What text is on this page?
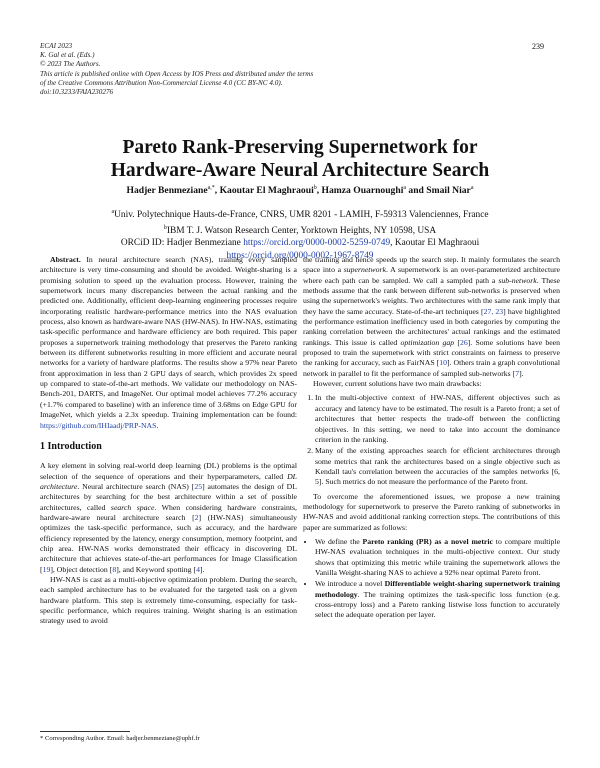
ECAI 2023
K. Gal et al. (Eds.)
© 2023 The Authors.
This article is published online with Open Access by IOS Press and distributed under the terms
of the Creative Commons Attribution Non-Commercial License 4.0 (CC BY-NC 4.0).
doi:10.3233/FAIA230276
239
Pareto Rank-Preserving Supernetwork for
Hardware-Aware Neural Architecture Search
Hadjer Benmeziane$^{a,*}$, Kaoutar El Maghraoui$^b$, Hamza Ouarnoughi$^a$ and Smail Niar$^a$
$^a$Univ. Polytechnique Hauts-de-France, CNRS, UMR 8201 - LAMIH, F-59313 Valenciennes, France
$^b$IBM T. J. Watson Research Center, Yorktown Heights, NY 10598, USA
ORCiD ID: Hadjer Benmeziane https://orcid.org/0000-0002-5259-0749, Kaoutar El Maghraoui https://orcid.org/0000-0002-1967-8749

Abstract. In neural architecture search (NAS), training every sampled architecture is very time-consuming and should be avoided. Weight-sharing is a promising solution to speed up the evaluation process. However, training the supernetwork incurs many discrepancies between the actual ranking and the predicted one. Additionally, efficient deep-learning engineering processes require incorporating realistic hardware-performance metrics into the NAS evaluation process, also known as hardware-aware NAS (HW-NAS). In HW-NAS, estimating task-specific performance and hardware efficiency are both required. This paper proposes a supernetwork training methodology that preserves the Pareto ranking between its different subnetworks resulting in more efficient and accurate neural networks for a variety of hardware platforms. The results show a 97% near Pareto front approximation in less than 2 GPU days of search, which provides 2x speed up compared to state-of-the-art methods. We validate our methodology on NAS-Bench-201, DARTS, and ImageNet. Our optimal model achieves 77.2% accuracy (+1.7% compared to baseline) with an inference time of 3.68ms on Edge GPU for ImageNet, which yields a 2.3x speedup. Training implementation can be found: https://github.com/IHIaadj/PRP-NAS.

1 Introduction

A key element in solving real-world deep learning (DL) problems is the optimal selection of the sequence of operations and their hyperparameters, called DL architecture. Neural architecture search (NAS) [25] automates the design of DL architectures by searching for the best architecture within a set of possible architectures, called search space. When considering hardware constraints, hardware-aware neural architecture search [2] (HW-NAS) simultaneously optimizes the task-specific performance, such as accuracy, and the hardware efficiency represented by the latency, energy consumption, memory footprint, and chip area. HW-NAS works demonstrated their efficacy in discovering DL architecture that achieves state-of-the-art performances for Image Classification [19], Object detection [8], and Keyword spotting [4].

HW-NAS is cast as a multi-objective optimization problem. During the search, each sampled architecture has to be evaluated for the targeted task on a given hardware platform. This step is extremely time-consuming, especially for task-specific performance, which requires training. Weight sharing is an estimation strategy used to avoid

the training and hence speeds up the search step. It mainly formulates the search space into a supernetwork. A supernetwork is an over-parameterized architecture where each path can be sampled. We call a sampled path a sub-network. These methods assume that the rank between different sub-networks is preserved when using the supernetwork's weights. Two architectures with the same rank imply that they have the same accuracy. State-of-the-art techniques [27, 23] have highlighted the performance estimation inefficiency used in both categories by computing the ranking correlation between the architectures' actual rankings and the estimated rankings. This issue is called optimization gap [26]. Some solutions have been proposed to train the supernetwork with strict constraints on fairness to preserve the ranking for accuracy, such as FairNAS [10]. Others train a graph convolutional network in parallel to fit the performance of sampled sub-networks [7].

However, current solutions have two main drawbacks:

1. In the multi-objective context of HW-NAS, different objectives such as accuracy and latency have to be estimated. The result is a Pareto front; a set of architectures that better respects the trade-off between the conflicting objectives. In this setting, we need to take into account the dominance criterion in the ranking.
2. Many of the existing approaches search for efficient architectures through some metrics that rank the architectures based on a single objective such as Kendall tau's correlation between the accuracies of the samples networks [6, 5]. Such metrics do not measure the performance of the Pareto front.

To overcome the aforementioned issues, we propose a new training methodology for supernetwork to preserve the Pareto ranking of subnetworks in HW-NAS and avoid additional ranking correction steps. The contributions of this paper are summarized as follows:

• We define the Pareto ranking (PR) as a novel metric to compare multiple HW-NAS evaluation techniques in the multi-objective context. Our study shows that optimizing this metric while training the supernetwork allows the Vanilla Weight-sharing NAS to achieve a 92% near optimal Pareto front.
• We introduce a novel Differentiable weight-sharing supernetwork training methodology. The training optimizes the task-specific loss function (e.g. cross-entropy loss) and a Pareto ranking listwise loss function to accurately select the adequate operation per layer.
* Corresponding Author. Email: hadjer.benmeziane@uphf.fr
